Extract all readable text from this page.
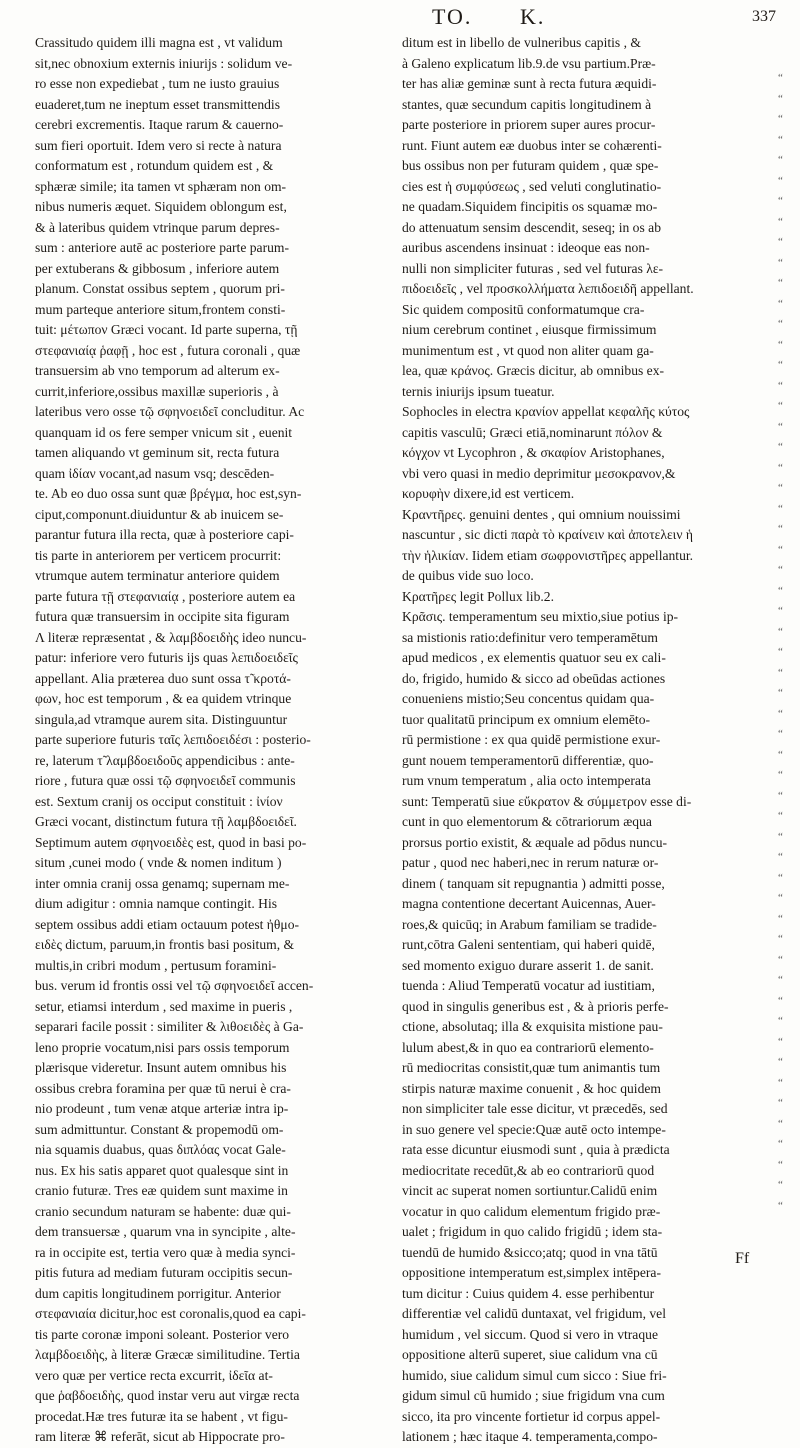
TO. K.	337

Crassitudo quidem illi magna est , vt validum

sit,nec obnoxium externis iniurijs : solidum ve-

ro esse non expediebat , tum ne iusto grauius

euaderet,tum ne ineptum esset transmittendis

cerebri excrementis. Itaque rarum & cauerno-

sum fieri oportuit. Idem vero si recte à natura

conformatum est , rotundum quidem est , &

sphæræ simile; ita tamen vt sphæram non om-

nibus numeris æquet. Siquidem oblongum est,

& à lateribus quidem vtrinque parum depres-

sum : anteriore autē ac posteriore parte parum-

per extuberans & gibbosum , inferiore autem

planum. Constat ossibus septem , quorum pri-

mum parteque anteriore situm,frontem consti-

tuit: μέτωπον Græci vocant. Id parte superna, τῇ

στεφανιαίᾳ ῥαφῇ , hoc est , futura coronali , quæ

transuersim ab vno temporum ad alterum ex-

currit,inferiore,ossibus maxillæ superioris , à

lateribus vero osse τῷ σφηνοειδεῖ concluditur. Ac

quanquam id os fere semper vnicum sit , euenit

tamen aliquando vt geminum sit, recta futura

quam ἰδίαν vocant,ad nasum vsq; descēden-

te. Ab eo duo ossa sunt quæ βρέγμα, hoc est,syn-

ciput,componunt.diuiduntur & ab inuicem se-

parantur futura illa recta, quæ à posteriore capi-

tis parte in anteriorem per verticem procurrit:

vtrumque autem terminatur anteriore quidem

parte futura τῇ στεφανιαίᾳ , posteriore autem ea

futura quæ transuersim in occipite sita figuram

Λ literæ repræsentat , & λαμβδοειδὴς ideo nuncu-

patur: inferiore vero futuris ijs quas λεπιδοειδεῖς

appellant. Alia præterea duo sunt ossa τ̃ κροτά-

φων, hoc est temporum , & ea quidem vtrinque

singula,ad vtramque aurem sita. Distinguuntur

parte superiore futuris ταῖς λεπιδοειδέσι : posterio-

re, laterum τ̃ λαμβδοειδοῦς appendicibus : ante-

riore , futura quæ ossi τῷ σφηνοειδεῖ communis

est. Sextum cranij os occiput constituit : ἰνίον

Græci vocant, distinctum futura τῇ λαμβδοειδεῖ.

Septimum autem σφηνοειδὲς est, quod in basi po-

situm ,cunei modo ( vnde & nomen inditum )

inter omnia cranij ossa genamq; supernam me-

dium adigitur : omnia namque contingit. His

septem ossibus addi etiam octauum potest ἠθμο-

ειδὲς dictum, paruum,in frontis basi positum, &

multis,in cribri modum , pertusum foramini-

bus. verum id frontis ossi vel τῷ σφηνοειδεῖ accen-

setur, etiamsi interdum , sed maxime in pueris ,

separari facile possit : similiter & λιθοειδὲς à Ga-

leno proprie vocatum,nisi pars ossis temporum

plærisque videretur. Insunt autem omnibus his

ossibus crebra foramina per quæ tū nerui è cra-

nio prodeunt , tum venæ atque arteriæ intra ip-

sum admittuntur. Constant & propemodū om-

nia squamis duabus, quas διπλόας vocat Gale-

nus. Ex his satis apparet quot qualesque sint in

cranio futuræ. Tres eæ quidem sunt maxime in

cranio secundum naturam se habente: duæ qui-

dem transuersæ , quarum vna in syncipite , alte-

ra in occipite est, tertia vero quæ à media synci-

pitis futura ad mediam futuram occipitis secun-

dum capitis longitudinem porrigitur. Anterior

στεφανιαία dicitur,hoc est coronalis,quod ea capi-

tis parte coronæ imponi soleant. Posterior vero

λαμβδοειδὴς, à literæ Græcæ similitudine. Tertia

vero quæ per vertice recta excurrit, ἰδεῖα at-

que ῥαβδοειδὴς, quod instar veru aut virgæ recta

procedat.Hæ tres futuræ ita se habent , vt figu-

ram literæ ⌘ referāt, sicut ab Hippocrate pro-

ditum est in libello de vulneribus capitis , &

à Galeno explicatum lib.9.de vsu partium.Præ-

ter has aliæ geminæ sunt à recta futura æquidi-

stantes, quæ secundum capitis longitudinem à

parte posteriore in priorem super aures procur-

runt. Fiunt autem eæ duobus inter se cohærenti-

bus ossibus non per futuram quidem , quæ spe-

cies est ἡ συμφύσεως , sed veluti conglutinatio-

ne quadam.Siquidem fincipitis os squamæ mo-

do attenuatum sensim descendit, seseq; in os ab

auribus ascendens insinuat : ideoque eas non-

nulli non simpliciter futuras , sed vel futuras λε-

πιδοειδεῖς , vel προσκολλήματα λεπιδοειδῆ appellant.

Sic quidem compositū conformatumque cra-

nium cerebrum continet , eiusque firmissimum

munimentum est , vt quod non aliter quam ga-

lea, quæ κράνος. Græcis dicitur, ab omnibus ex-

ternis iniurijs ipsum tueatur.

Sophocles in electra κρανίον appellat κεφαλῆς κύτος

capitis vasculū; Græci etiā,nominarunt πόλον &

κόγχον vt Lycophron , & σκαφίον Aristophanes,

vbi vero quasi in medio deprimitur μεσοκρανον,&

κορυφὴν dixere,id est verticem.

Κραντῆρες. genuini dentes , qui omnium nouissimi

nascuntur , sic dicti παρὰ τὸ κραίνειν καὶ ἀποτελειν ἡ

τὴν ἡλικίαν. Iidem etiam σωφρονιστῆρες appellantur.

de quibus vide suo loco.

Κρατῆρες legit Pollux lib.2.

Κρᾶσις. temperamentum seu mixtio,siue potius ip-

sa mistionis ratio:definitur vero temperamētum

apud medicos , ex elementis quatuor seu ex cali-

do, frigido, humido & sicco ad obeūdas actiones

conueniens mistio;Seu concentus quidam qua-

tuor qualitatū principum ex omnium elemēto-

rū permistione : ex qua quidē permistione exur-

gunt nouem temperamentorū differentiæ, quo-

rum vnum temperatum , alia octo intemperata

sunt: Temperatū siue εὔκρατον & σύμμετρον esse di-

cunt in quo elementorum & cōtrariorum æqua

prorsus portio existit, & æquale ad pōdus nuncu-

patur , quod nec haberi,nec in rerum naturæ or-

dinem ( tanquam sit repugnantia ) admitti posse,

magna contentione decertant Auicennas, Auer-

roes,& quicūq; in Arabum familiam se tradide-

runt,cōtra Galeni sententiam, qui haberi quidē,

sed momento exiguo durare asserit 1. de sanit.

tuenda : Aliud Temperatū vocatur ad iustitiam,

quod in singulis generibus est , & à prioris perfe-

ctione, absolutaq; illa & exquisita mistione pau-

lulum abest,& in quo ea contrariorū elemento-

rū mediocritas consistit,quæ tum animantis tum

stirpis naturæ maxime conuenit , & hoc quidem

non simpliciter tale esse dicitur, vt præcedēs, sed

in suo genere vel specie:Quæ autē octo intempe-

rata esse dicuntur eiusmodi sunt , quia à prædicta

mediocritate recedūt,& ab eo contrariorū quod

vincit ac superat nomen sortiuntur.Calidū enim

vocatur in quo calidum elementum frigido præ-

ualet ; frigidum in quo calido frigidū ; idem sta-

tuendū de humido &sicco;atq; quod in vna tātū

oppositione intemperatum est,simplex intēpera-

tum dicitur : Cuius quidem 4. esse perhibentur

differentiæ vel calidū duntaxat, vel frigidum, vel

humidum , vel siccum. Quod si vero in vtraque

oppositione alterū superet, siue calidum vna cū

humido, siue calidum simul cum sicco : Siue fri-

gidum simul cū humido ; siue frigidum vna cum

sicco, ita pro vincente fortietur id corpus appel-

lationem ; hæc itaque 4. temperamenta,compo-

“
“
“
“
“
“
“
“
“
“
“
“
“
“
“
“
“
“
“
“
“
“
“
“
“
“
“
“
“
“
“
“
“
“
“
“
“
“
“
“
“
“
“
“
“
“
“
“
“
“
“
“
“
“
“
“
Ff
